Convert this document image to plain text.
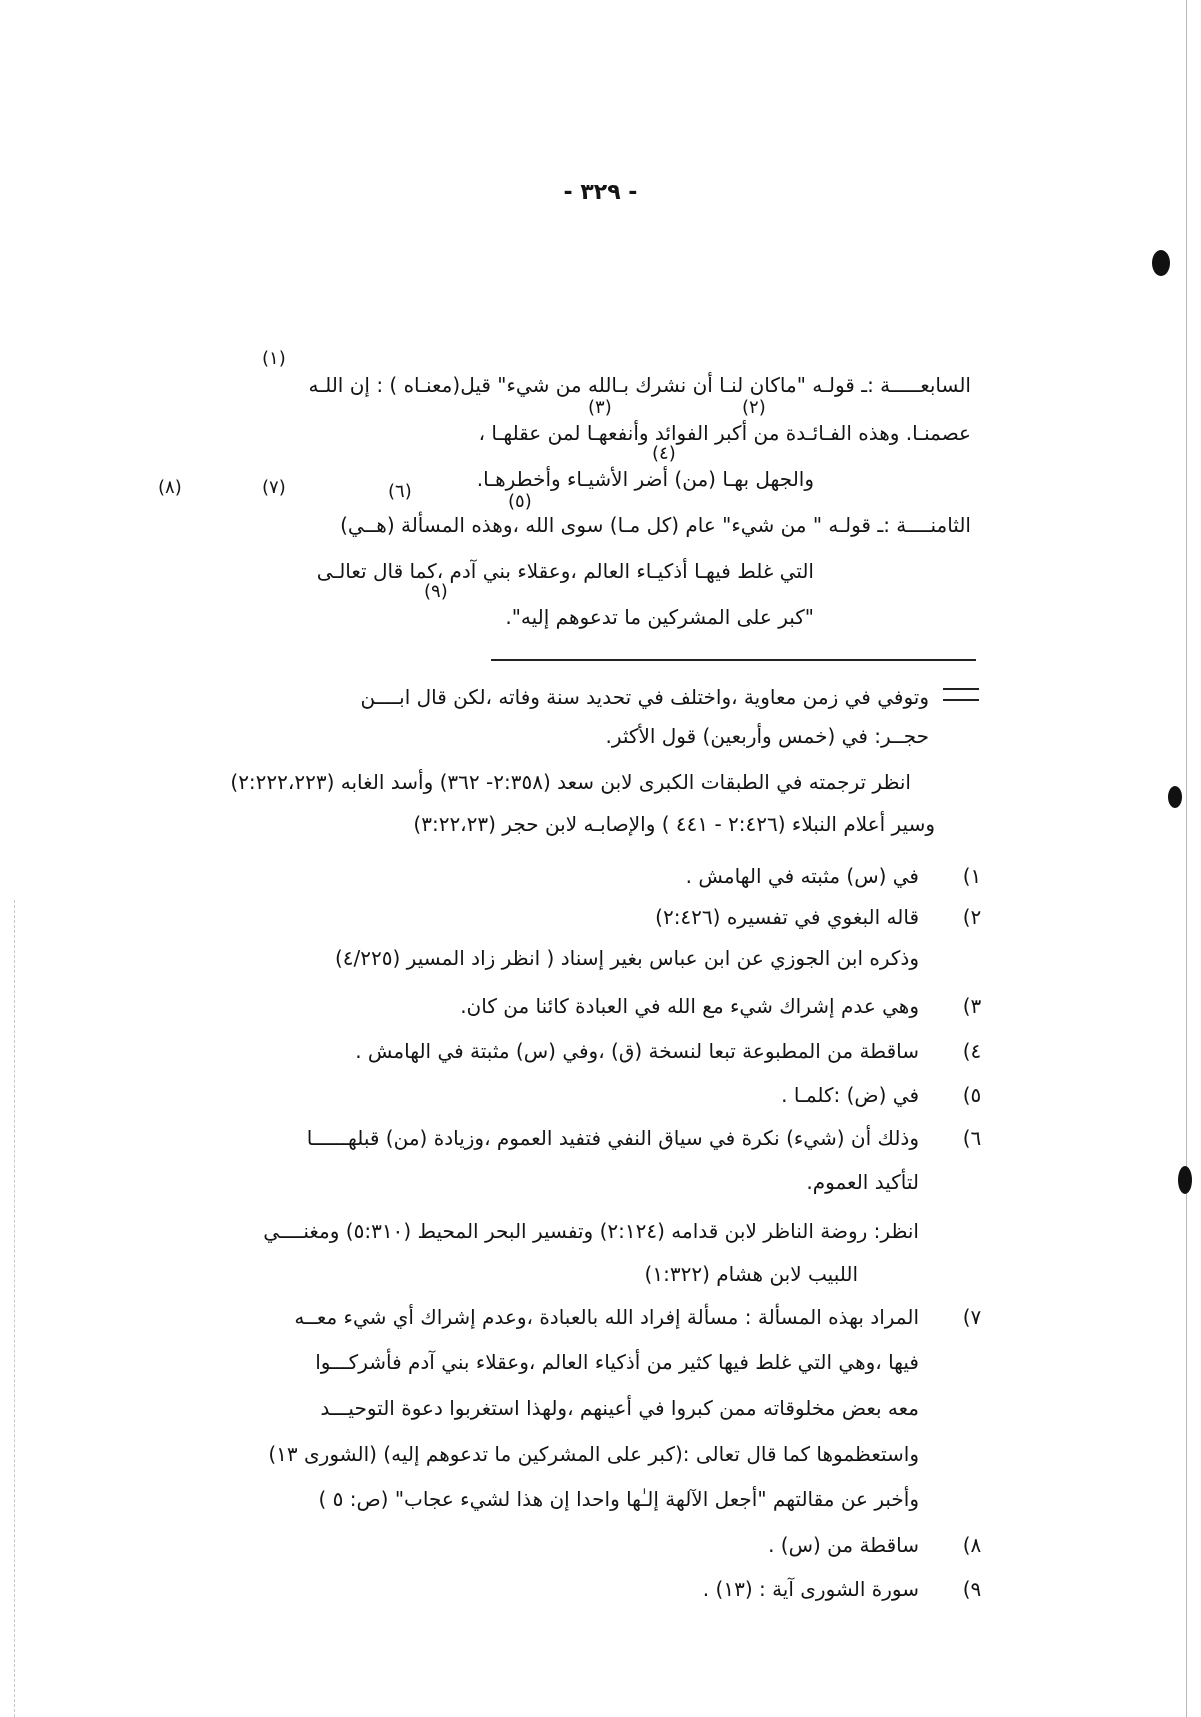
- ٣٢٩ -
السابعـــــة :ـ قولـه "ماكان لنـا أن نشرك بـالله من شيء" قيل(معنـاه ) : إن اللـه
عصمنـا. وهذه الفـائـدة من أكبر الفوائد وأنفعهـا لمن عقلهـا ،
والجهل بهـا (من) أضر الأشيـاء وأخطرهـا.
الثامنــــة :ـ قولـه " من شيء" عام (كل مـا) سوى الله ،وهذه المسألة (هــي)
التي غلط فيهـا أذكيـاء العالم ،وعقلاء بني آدم ،كما قال تعالـى
"كبر على المشركين ما تدعوهم إليه".
(١)
(٢)
(٣)
(٤)
(٥)
(٦)
(٧)
(٨)
(٩)
وتوفي في زمن معاوية ،واختلف في تحديد سنة وفاته ،لكن قال ابــــن
حجــر: في (خمس وأربعين) قول الأكثر.
انظر ترجمته في الطبقات الكبرى لابن سعد (٢:٣٥٨- ٣٦٢) وأسد الغابه (٢:٢٢٢،٢٢٣)
وسير أعلام النبلاء (٢:٤٢٦ - ٤٤١ ) والإصابـه لابن حجر (٣:٢٢،٢٣)
١)
في (س) مثبته في الهامش .
٢)
قاله البغوي في تفسيره (٢:٤٢٦)
وذكره ابن الجوزي عن ابن عباس بغير إسناد ( انظر زاد المسير (٤/٢٢٥)
٣)
وهي عدم إشراك شيء مع الله في العبادة كائنا من كان.
٤)
ساقطة من المطبوعة تبعا لنسخة (ق) ،وفي (س) مثبتة في الهامش .
٥)
في (ض) :كلمـا .
٦)
وذلك أن (شيء) نكرة في سياق النفي فتفيد العموم ،وزيادة (من) قبلهــــــا
لتأكيد العموم.
انظر: روضة الناظر لابن قدامه (٢:١٢٤) وتفسير البحر المحيط (٥:٣١٠) ومغنــــي
اللبيب لابن هشام (١:٣٢٢)
٧)
المراد بهذه المسألة : مسألة إفراد الله بالعبادة ،وعدم إشراك أي شيء معــه
فيها ،وهي التي غلط فيها كثير من أذكياء العالم ،وعقلاء بني آدم فأشركـــوا
معه بعض مخلوقاته ممن كبروا في أعينهم ،ولهذا استغربوا دعوة التوحيـــد
واستعظموها كما قال تعالى :(كبر على المشركين ما تدعوهم إليه) (الشورى ١٣)
وأخبر عن مقالتهم "أجعل الآلهة إلـٰها واحدا إن هذا لشيء عجاب" (ص: ٥ )
٨)
ساقطة من (س) .
٩)
سورة الشورى آية : (١٣) .
